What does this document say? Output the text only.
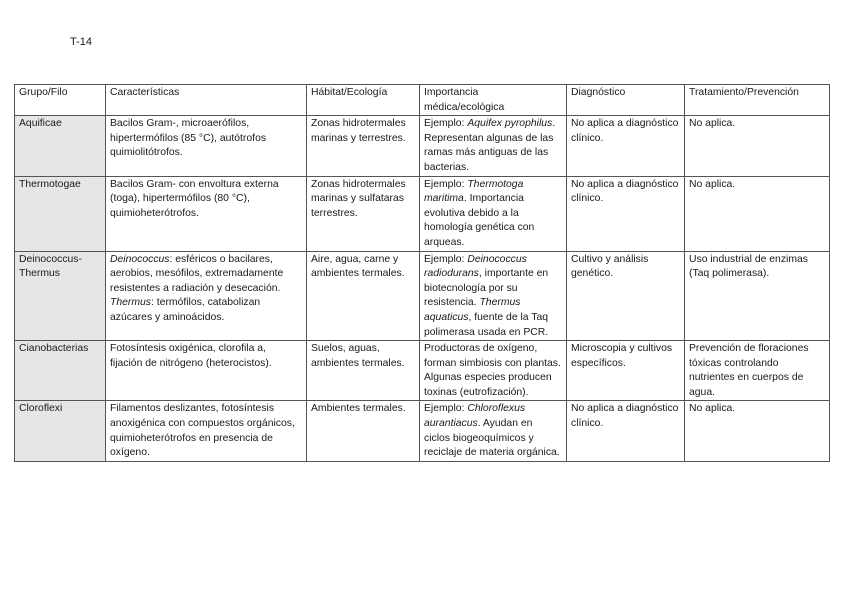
T-14
Grupo/Filo	Características	Hábitat/Ecología	Importancia médica/ecológica	Diagnóstico	Tratamiento/Prevención
Aquificae	Bacilos Gram-, microaerófilos, hipertermófilos (85 °C), autótrofos quimiolitótrofos.	Zonas hidrotermales marinas y terrestres.	Ejemplo: Aquifex pyrophilus. Representan algunas de las ramas más antiguas de las bacterias.	No aplica a diagnóstico clínico.	No aplica.
Thermotogae	Bacilos Gram- con envoltura externa (toga), hipertermófilos (80 °C), quimioheterótrofos.	Zonas hidrotermales marinas y sulfataras terrestres.	Ejemplo: Thermotoga maritima. Importancia evolutiva debido a la homología genética con arqueas.	No aplica a diagnóstico clínico.	No aplica.
Deinococcus-Thermus	Deinococcus: esféricos o bacilares, aerobios, mesófilos, extremadamente resistentes a radiación y desecación. Thermus: termófilos, catabolizan azúcares y aminoácidos.	Aire, agua, carne y ambientes termales.	Ejemplo: Deinococcus radiodurans, importante en biotecnología por su resistencia. Thermus aquaticus, fuente de la Taq polimerasa usada en PCR.	Cultivo y análisis genético.	Uso industrial de enzimas (Taq polimerasa).
Cianobacterias	Fotosíntesis oxigénica, clorofila a, fijación de nitrógeno (heterocistos).	Suelos, aguas, ambientes termales.	Productoras de oxígeno, forman simbiosis con plantas. Algunas especies producen toxinas (eutrofización).	Microscopia y cultivos específicos.	Prevención de floraciones tóxicas controlando nutrientes en cuerpos de agua.
Cloroflexi	Filamentos deslizantes, fotosíntesis anoxigénica con compuestos orgánicos, quimioheterótrofos en presencia de oxígeno.	Ambientes termales.	Ejemplo: Chloroflexus aurantiacus. Ayudan en ciclos biogeoquímicos y reciclaje de materia orgánica.	No aplica a diagnóstico clínico.	No aplica.
